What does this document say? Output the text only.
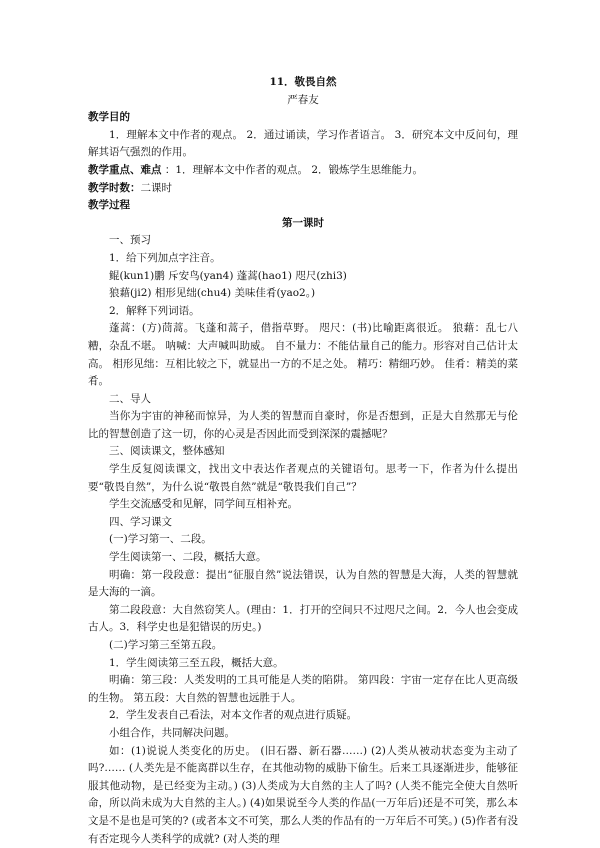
11．敬畏自然

严春友

教学目的

1．理解本文中作者的观点。 2．通过诵读，学习作者语言。 3．研究本文中反问句，理解其语气强烈的作用。

教学重点、难点 ：1．理解本文中作者的观点。 2．锻炼学生思维能力。

教学时数：二课时

教学过程

第一课时

一、预习

1．给下列加点字注音。

鲲(kun1)鹏 斥安鸟(yan4) 蓬蒿(hao1) 咫尺(zhi3)

狼藉(ji2) 相形见绌(chu4) 美味佳肴(yao2。)

2．解释下列词语。

蓬蒿：(方)茼蒿。飞蓬和蒿子，借指草野。 咫尺：(书)比喻距离很近。 狼藉：乱七八糟，杂乱不堪。 呐喊：大声喊叫助威。 自不量力：不能估量自己的能力。形容对自己估计太高。 相形见绌：互相比较之下，就显出一方的不足之处。 精巧：精细巧妙。 佳肴：精美的菜肴。

二、导人

当你为宇宙的神秘而惊异，为人类的智慧而自豪时，你是否想到，正是大自然那无与伦比的智慧创造了这一切，你的心灵是否因此而受到深深的震撼呢？

三、阅读课文，整体感知

学生反复阅读课文，找出文中表达作者观点的关键语句。思考一下，作者为什么提出要“敬畏自然”，为什么说“敬畏自然”就是“敬畏我们自己”？

学生交流感受和见解，同学间互相补充。

四、学习课文

(一)学习第一、二段。

学生阅读第一、二段，概括大意。

明确：第一段段意：提出“征服自然”说法错误，认为自然的智慧是大海，人类的智慧就是大海的一滴。

第二段段意：大自然窃笑人。(理由：1．打开的空间只不过咫尺之间。2．今人也会变成古人。3．科学史也是犯错误的历史。)

(二)学习第三至第五段。

1．学生阅读第三至五段，概括大意。

明确：第三段：人类发明的工具可能是人类的陷阱。 第四段：宇宙一定存在比人更高级的生物。 第五段：大自然的智慧也远胜于人。

2．学生发表自己看法，对本文作者的观点进行质疑。

小组合作，共同解决问题。

如：(1)说说人类变化的历史。 (旧石器、新石器……) (2)人类从被动状态变为主动了吗?…… (人类先是不能离群以生存，在其他动物的威胁下偷生。后来工具逐渐进步，能够征服其他动物，是已经变为主动。) (3)人类成为大自然的主人了吗? (人类不能完全使大自然听命，所以尚未成为大自然的主人。) (4)如果说至今人类的作品(一万年后)还是不可笑，那么本文是不是也是可笑的? (或者本文不可笑，那么人类的作品有的一万年后不可笑。) (5)作者有没有否定现今人类科学的成就? (对人类的理
